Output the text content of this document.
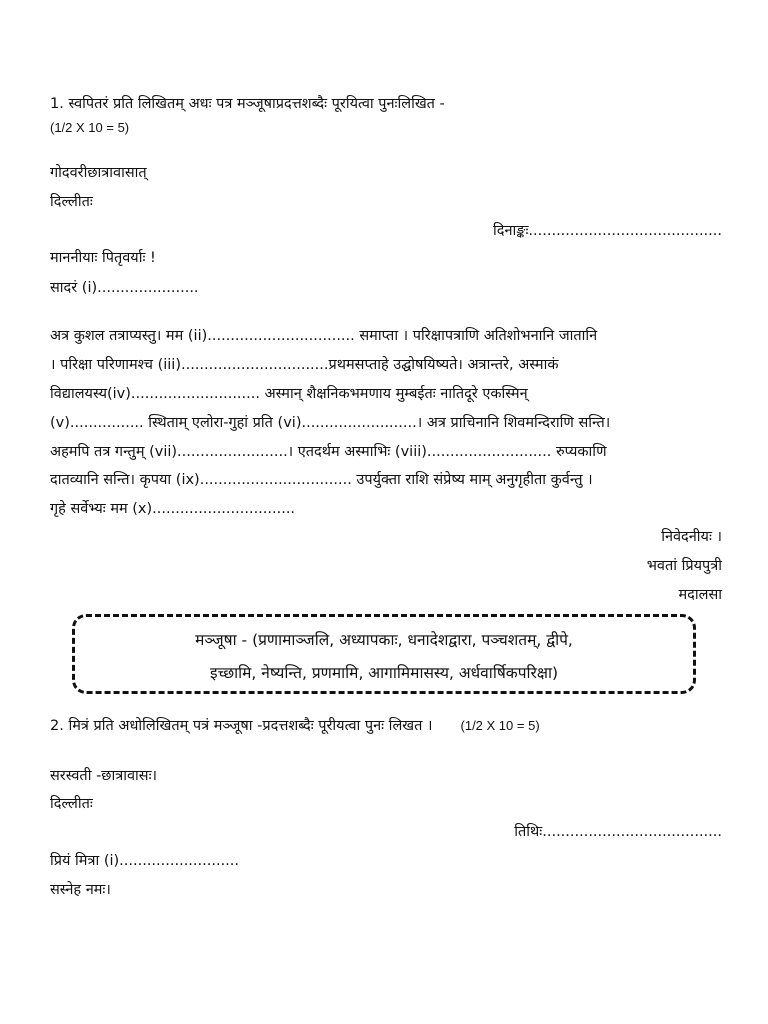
1. स्वपितरं प्रति लिखितम् अधः पत्र मञ्जूषाप्रदत्तशब्दैः पूरयित्वा पुनःलिखित -
(1/2 X 10 = 5)
गोदवरीछात्रावासात्
दिल्लीतः
दिनाङ्कः..........................................
माननीयाः पितृवर्याः !
सादरं (i)......................
अत्र कुशल तत्राप्यस्तु। मम (ii)................................ समाप्ता । परिक्षापत्राणि अतिशोभनानि जातानि
। परिक्षा परिणामश्च (iii)................................प्रथमसप्ताहे उद्घोषयिष्यते। अत्रान्तरे, अस्माकं
विद्यालयस्य(iv)............................ अस्मान् शैक्षनिकभमणाय मुम्बईतः नातिदूरे एकस्मिन्
(v)................ स्थिताम् एलोरा-गुहां प्रति (vi).........................। अत्र प्राचिनानि शिवमन्दिराणि सन्ति।
अहमपि तत्र गन्तुम् (vii)........................। एतदर्थम अस्माभिः (viii)........................... रुप्यकाणि
दातव्यानि सन्ति। कृपया (ix)................................. उपर्युक्ता राशि संप्रेष्य माम् अनुगृहीता कुर्वन्तु ।
गृहे सर्वेभ्यः मम (x)...............................
निवेदनीयः ।
भवतां प्रियपुत्री
मदालसा
मञ्जूषा - (प्रणामाञ्जलि, अध्यापकाः, धनादेशद्वारा, पञ्चशतम्, द्वीपे,
इच्छामि, नेष्यन्ति, प्रणमामि, आगामिमासस्य, अर्धवार्षिकपरिक्षा)
2. मित्रं प्रति अधोलिखितम् पत्रं मञ्जूषा -प्रदत्तशब्दैः पूरीयत्वा पुनः लिखत । (1/2 X 10 = 5)
सरस्वती -छात्रावासः।
दिल्लीतः
तिथिः.......................................
प्रियं मित्रा (i)..........................
सस्नेह नमः।
